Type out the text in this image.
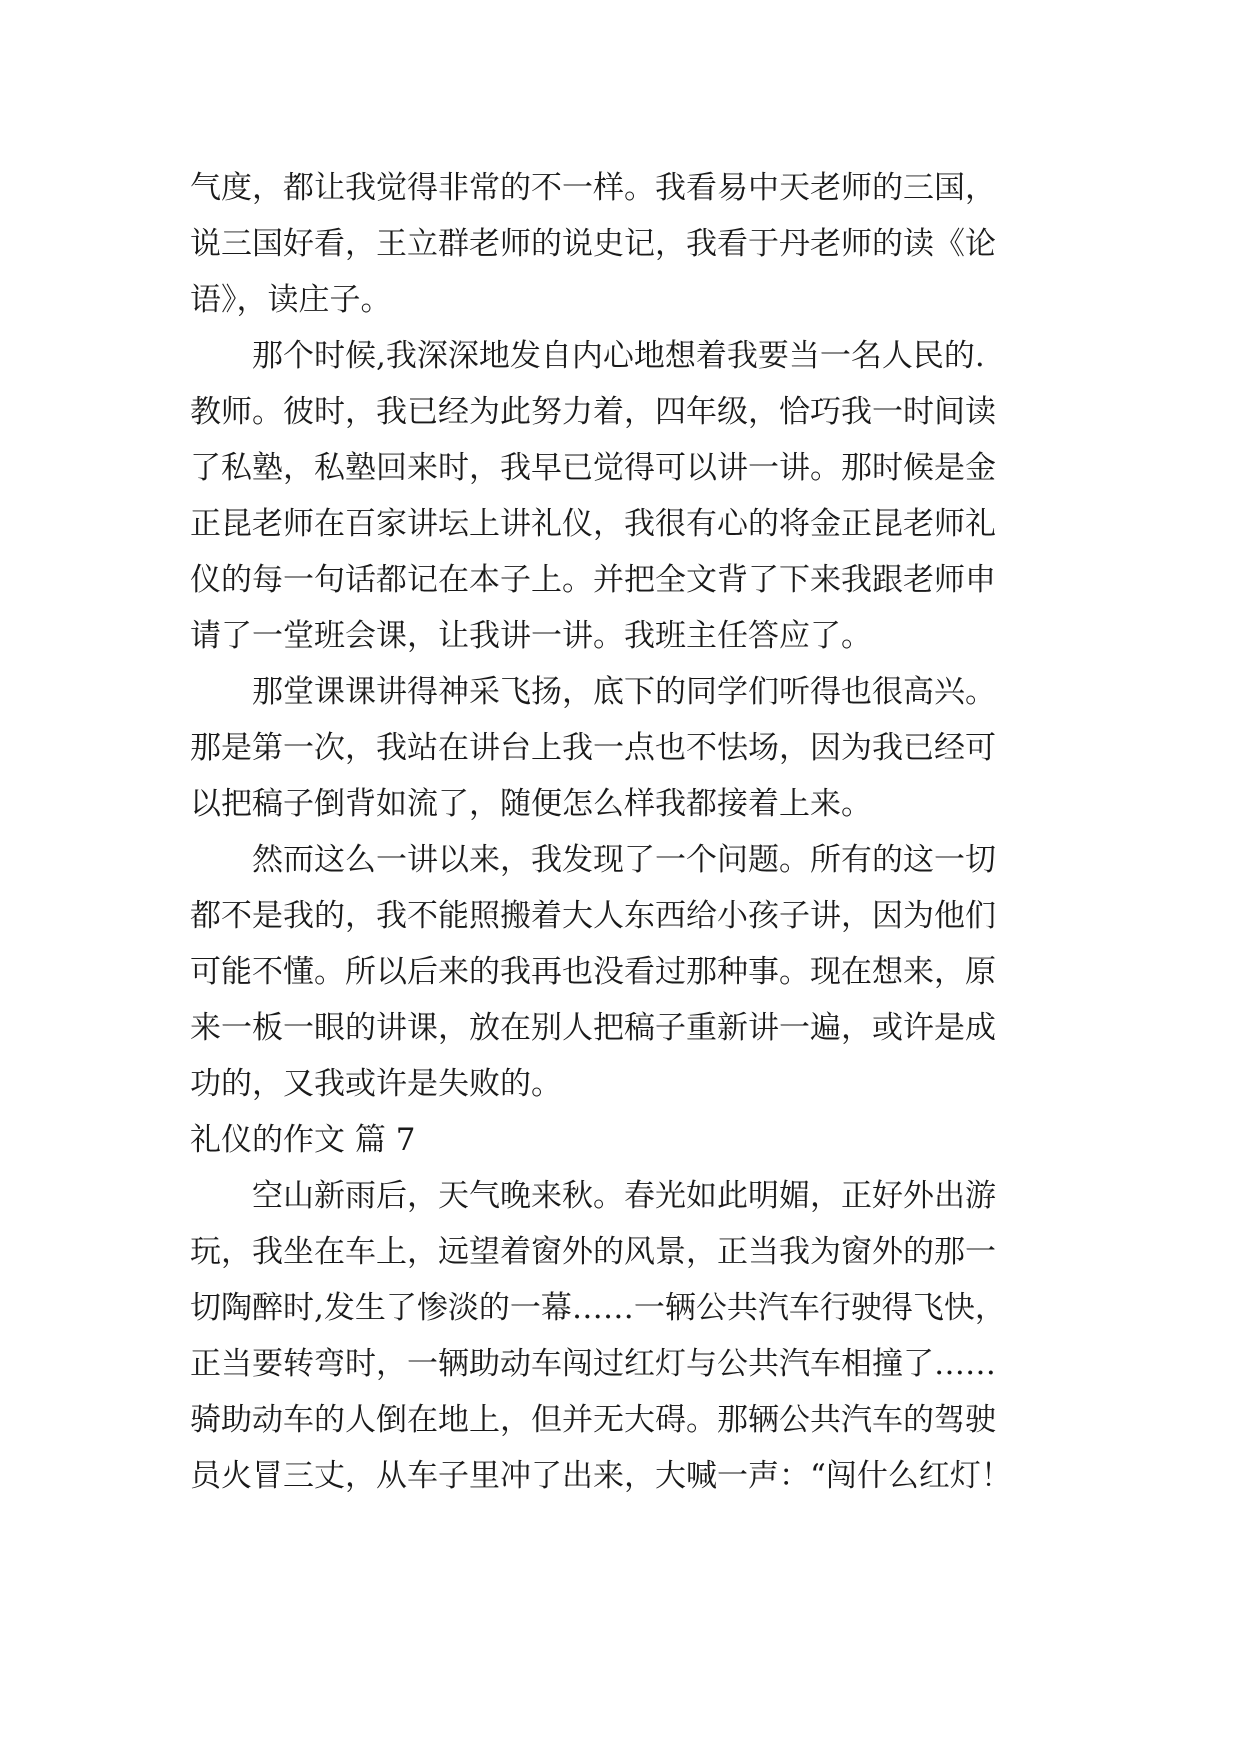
气度，都让我觉得非常的不一样。我看易中天老师的三国，
说三国好看，王立群老师的说史记，我看于丹老师的读《论
语》，读庄子。
那个时候,我深深地发自内心地想着我要当一名人民的.
教师。彼时，我已经为此努力着，四年级，恰巧我一时间读
了私塾，私塾回来时，我早已觉得可以讲一讲。那时候是金
正昆老师在百家讲坛上讲礼仪，我很有心的将金正昆老师礼
仪的每一句话都记在本子上。并把全文背了下来我跟老师申
请了一堂班会课，让我讲一讲。我班主任答应了。
那堂课课讲得神采飞扬，底下的同学们听得也很高兴。
那是第一次，我站在讲台上我一点也不怯场，因为我已经可
以把稿子倒背如流了，随便怎么样我都接着上来。
然而这么一讲以来，我发现了一个问题。所有的这一切
都不是我的，我不能照搬着大人东西给小孩子讲，因为他们
可能不懂。所以后来的我再也没看过那种事。现在想来，原
来一板一眼的讲课，放在别人把稿子重新讲一遍，或许是成
功的，又我或许是失败的。
礼仪的作文 篇 7
空山新雨后，天气晚来秋。春光如此明媚，正好外出游
玩，我坐在车上，远望着窗外的风景，正当我为窗外的那一
切陶醉时,发生了惨淡的一幕……一辆公共汽车行驶得飞快，
正当要转弯时，一辆助动车闯过红灯与公共汽车相撞了……
骑助动车的人倒在地上，但并无大碍。那辆公共汽车的驾驶
员火冒三丈，从车子里冲了出来，大喊一声：“闯什么红灯！
